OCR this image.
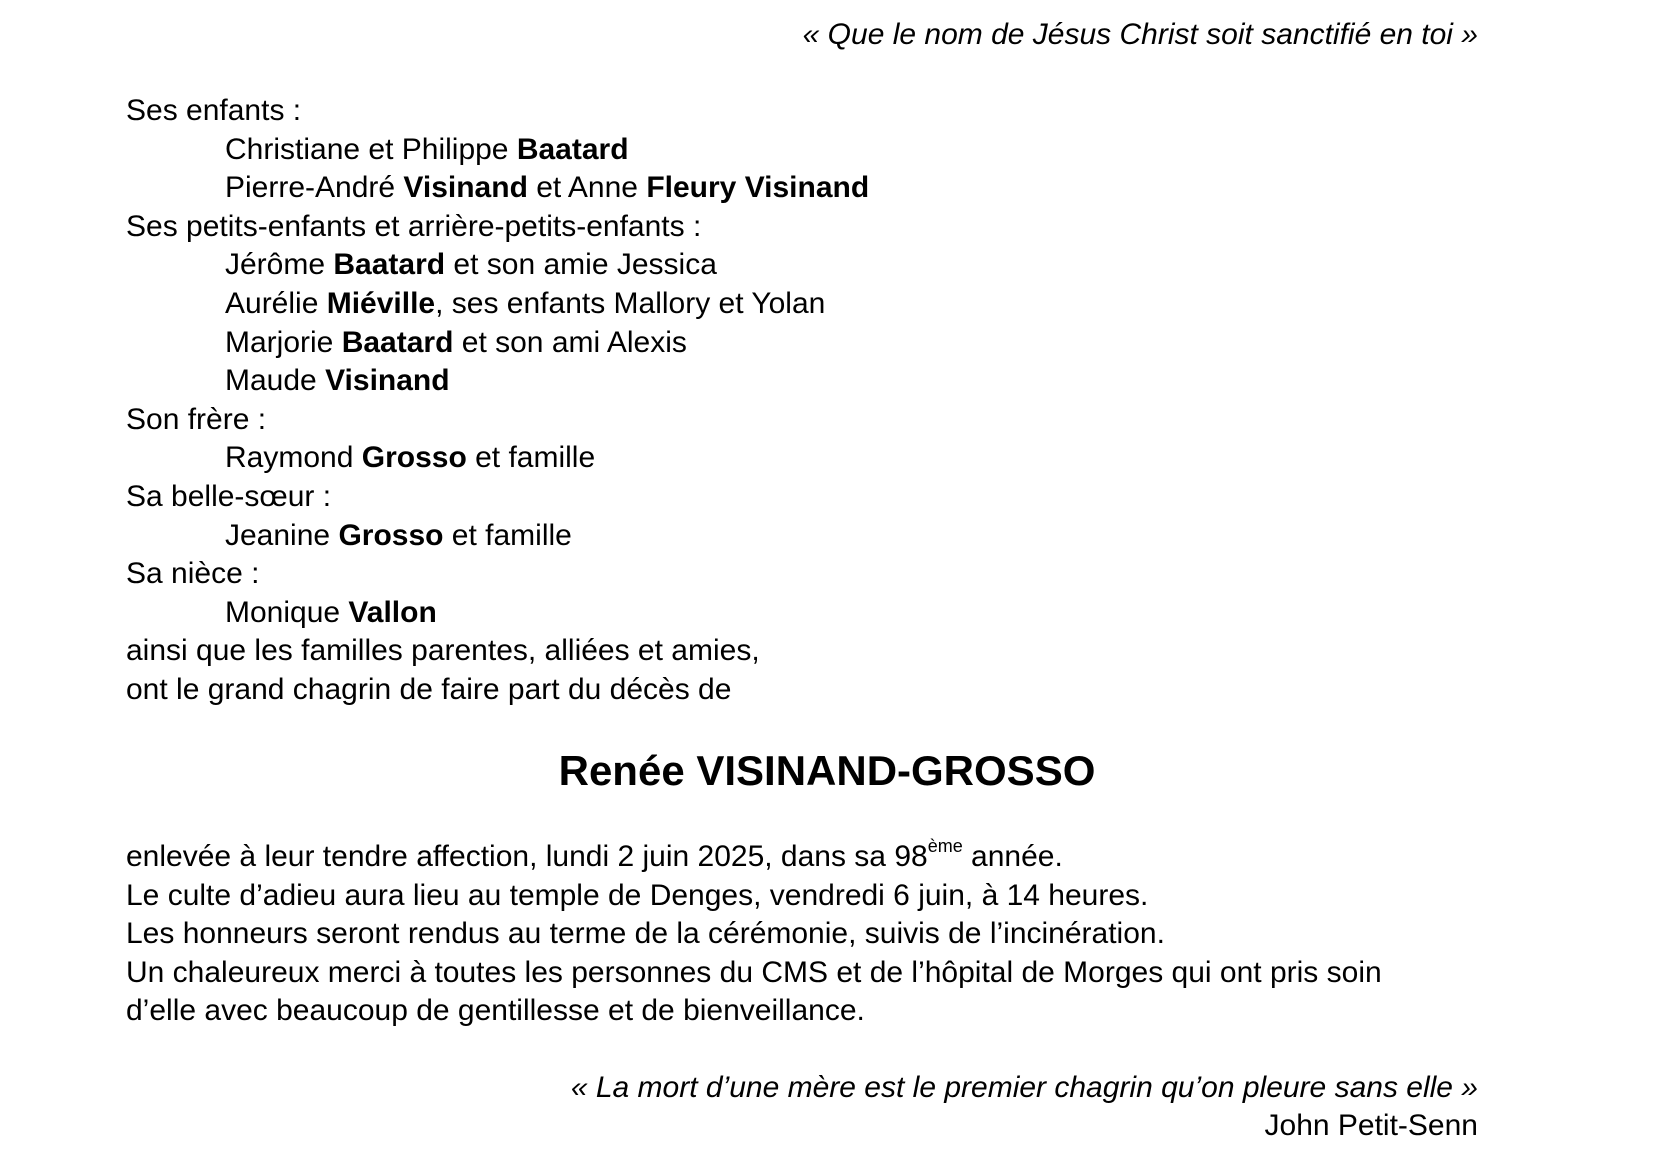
« Que le nom de Jésus Christ soit sanctifié en toi »
Ses enfants :
Christiane et Philippe Baatard
Pierre-André Visinand et Anne Fleury Visinand
Ses petits-enfants et arrière-petits-enfants :
Jérôme Baatard et son amie Jessica
Aurélie Miéville, ses enfants Mallory et Yolan
Marjorie Baatard et son ami Alexis
Maude Visinand
Son frère :
Raymond Grosso et famille
Sa belle-sœur :
Jeanine Grosso et famille
Sa nièce :
Monique Vallon
ainsi que les familles parentes, alliées et amies,
ont le grand chagrin de faire part du décès de
Renée VISINAND-GROSSO
enlevée à leur tendre affection, lundi 2 juin 2025, dans sa 98ème année.
Le culte d’adieu aura lieu au temple de Denges, vendredi 6 juin, à 14 heures.
Les honneurs seront rendus au terme de la cérémonie, suivis de l’incinération.
Un chaleureux merci à toutes les personnes du CMS et de l’hôpital de Morges qui ont pris soin
d’elle avec beaucoup de gentillesse et de bienveillance.
« La mort d’une mère est le premier chagrin qu’on pleure sans elle »
John Petit-Senn
